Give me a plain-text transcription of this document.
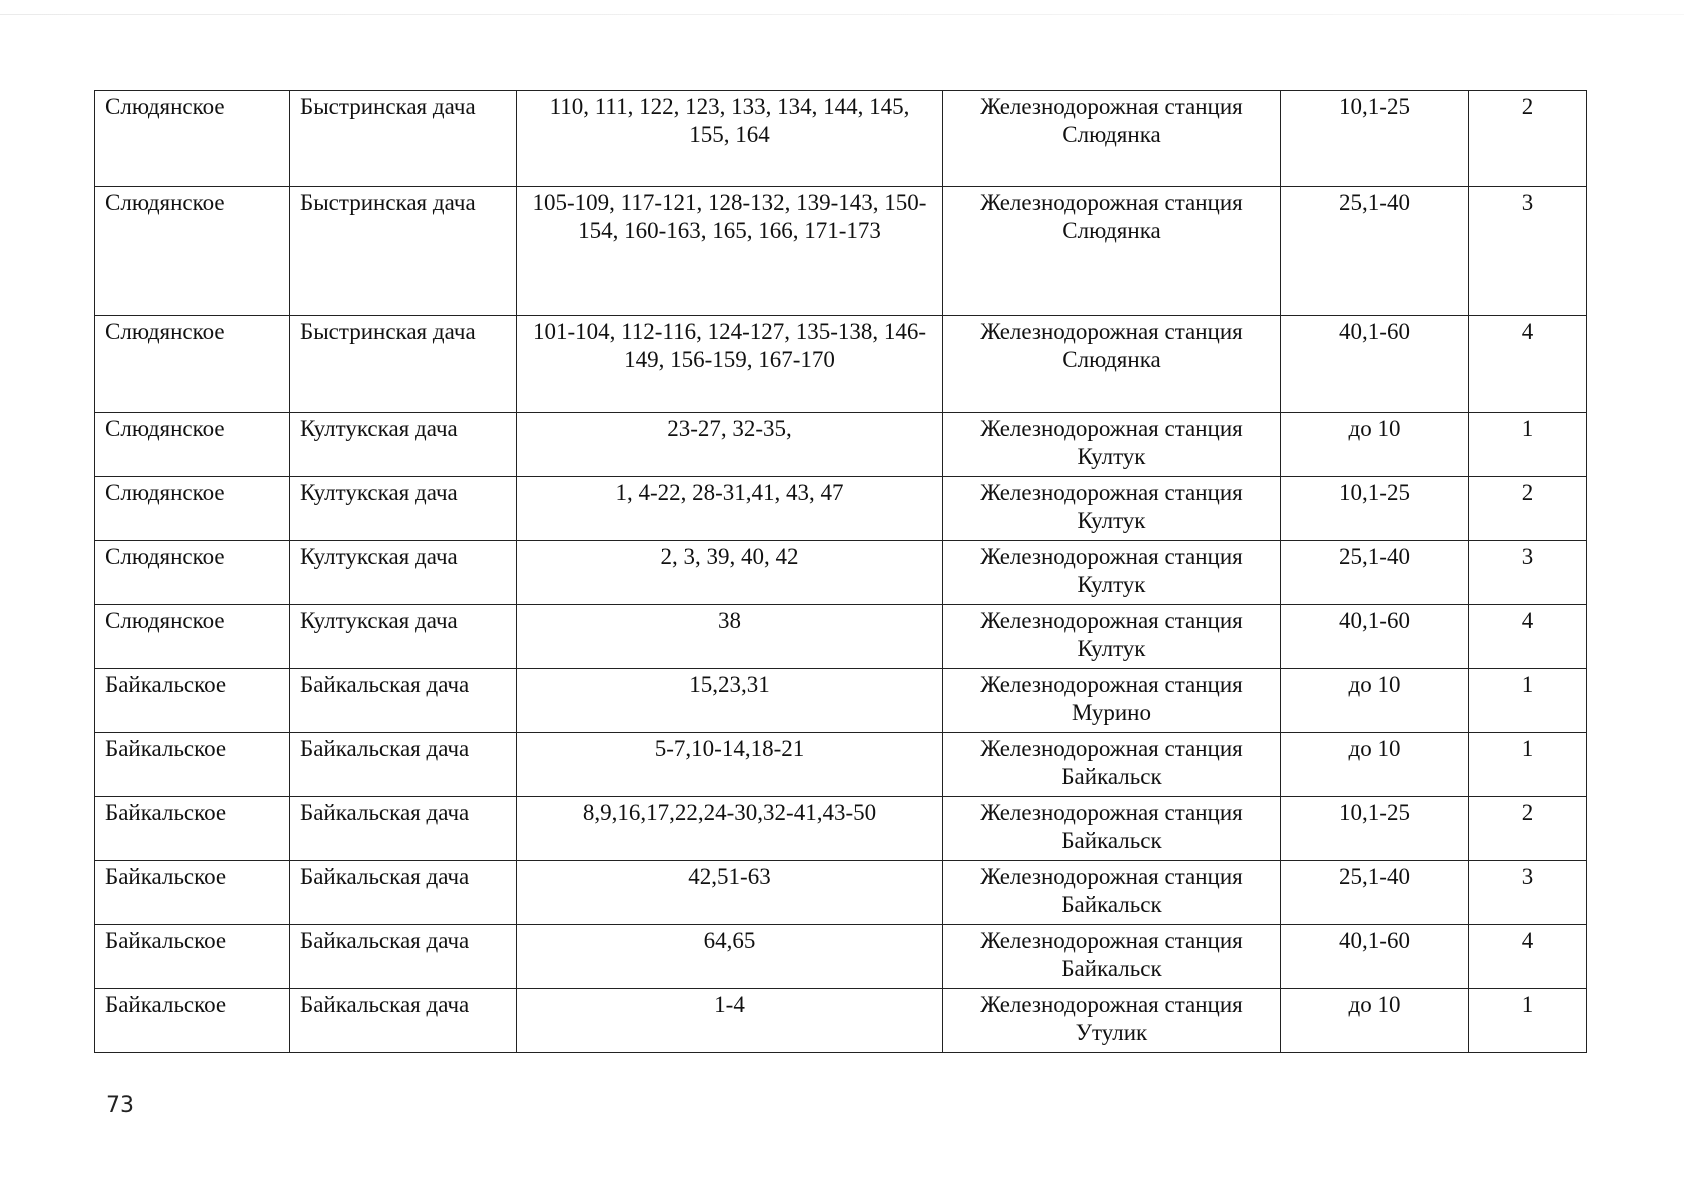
Слюдянское	Быстринская дача	110, 111, 122, 123, 133, 134, 144, 145, 155, 164	Железнодорожная станция Слюдянка	10,1-25	2
Слюдянское	Быстринская дача	105-109, 117-121, 128-132, 139-143, 150-154, 160-163, 165, 166, 171-173	Железнодорожная станция Слюдянка	25,1-40	3
Слюдянское	Быстринская дача	101-104, 112-116, 124-127, 135-138, 146-149, 156-159, 167-170	Железнодорожная станция Слюдянка	40,1-60	4
Слюдянское	Култукская дача	23-27, 32-35,	Железнодорожная станция Култук	до 10	1
Слюдянское	Култукская дача	1, 4-22, 28-31,41, 43, 47	Железнодорожная станция Култук	10,1-25	2
Слюдянское	Култукская дача	2, 3, 39, 40, 42	Железнодорожная станция Култук	25,1-40	3
Слюдянское	Култукская дача	38	Железнодорожная станция Култук	40,1-60	4
Байкальское	Байкальская дача	15,23,31	Железнодорожная станция Мурино	до 10	1
Байкальское	Байкальская дача	5-7,10-14,18-21	Железнодорожная станция Байкальск	до 10	1
Байкальское	Байкальская дача	8,9,16,17,22,24-30,32-41,43-50	Железнодорожная станция Байкальск	10,1-25	2
Байкальское	Байкальская дача	42,51-63	Железнодорожная станция Байкальск	25,1-40	3
Байкальское	Байкальская дача	64,65	Железнодорожная станция Байкальск	40,1-60	4
Байкальское	Байкальская дача	1-4	Железнодорожная станция Утулик	до 10	1
73
